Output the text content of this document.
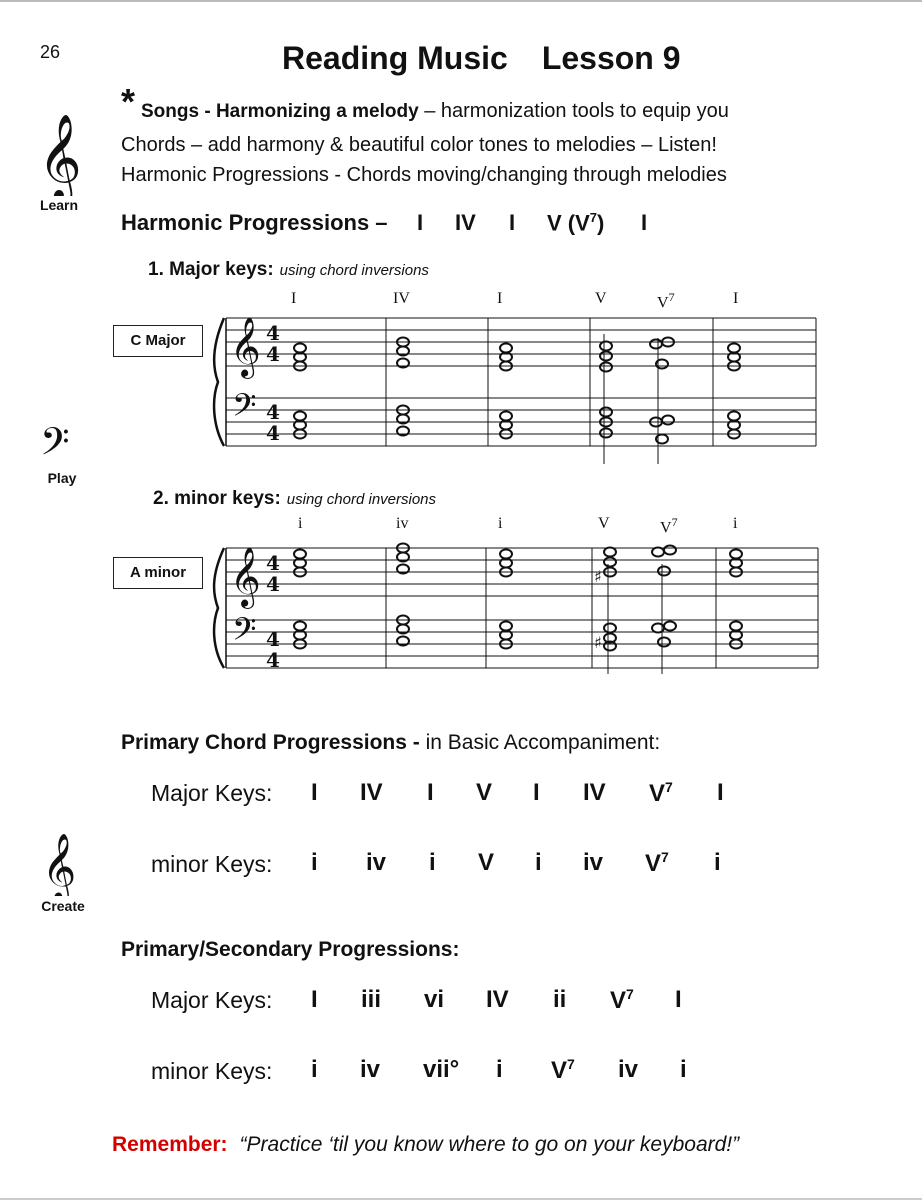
26	Reading Music Lesson 9
* Songs - Harmonizing a melody – harmonization tools to equip you
Chords – add harmony & beautiful color tones to melodies – Listen!
Harmonic Progressions - Chords moving/changing through melodies
𝄞
Learn
𝄢
Play
𝄞
Create
Harmonic Progressions – I IV I V $(V^7)$ I
1. Major keys: using chord inversions
I	IV	I	V	$V^7$	I
C Major 𝄞
𝄢
4
4
4
4
2. minor keys: using chord inversions
i	iv	i	V	$V^7$	i
A minor 𝄞
𝄢
4
4
4
4
♯
♯
Primary Chord Progressions - in Basic Accompaniment:
Major Keys: I IV I V I IV $V^7$ I
minor Keys: i iv i V i iv $V^7$ i
Primary/Secondary Progressions:
Major Keys: I iii vi IV ii $V^7$ I
minor Keys: i iv vii° i $V^7$ iv i
Remember: “Practice ‘til you know where to go on your keyboard!”
